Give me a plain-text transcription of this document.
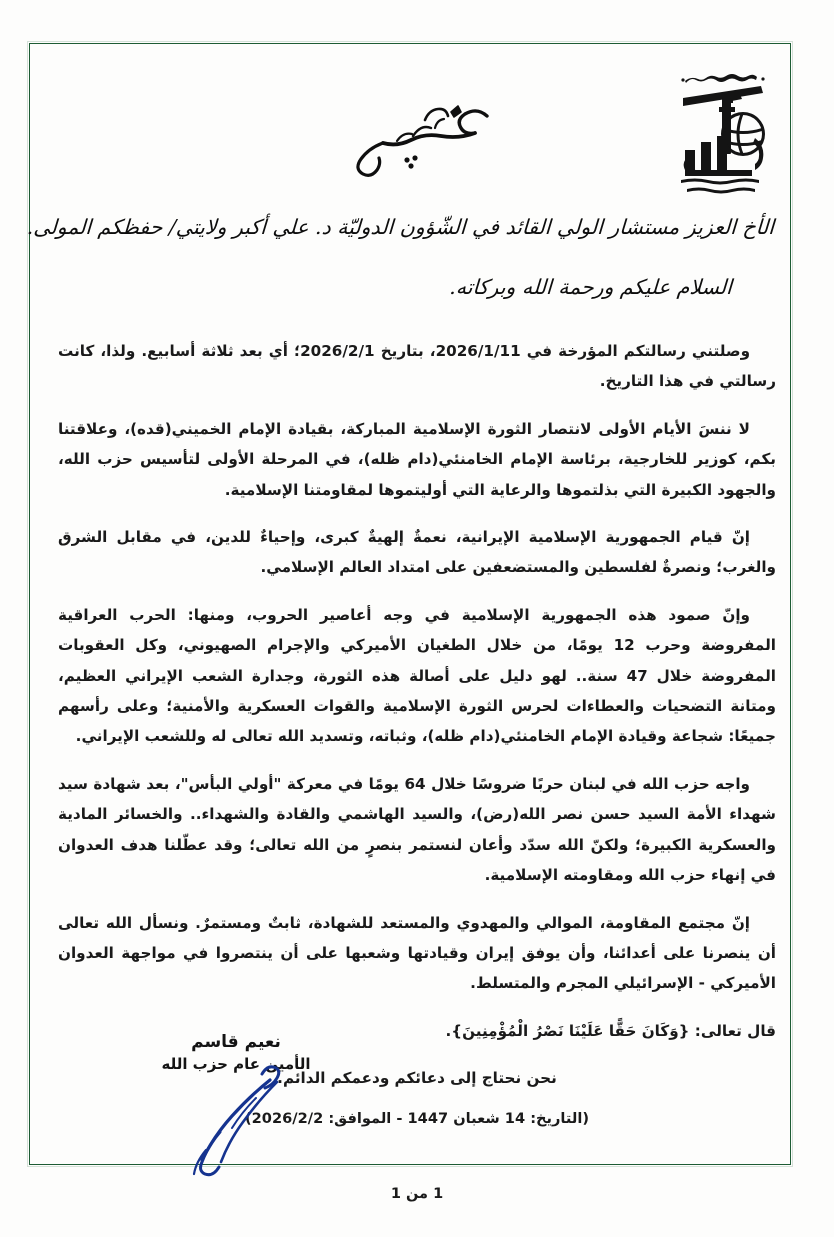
الأخ العزيز مستشار الولي القائد في الشّؤون الدوليّة د. علي أكبر ولايتي/ حفظكم المولى.
السلام عليكم ورحمة الله وبركاته.

وصلتني رسالتكم المؤرخة في 2026/1/11، بتاريخ 2026/2/1؛ أي بعد ثلاثة أسابيع. ولذا، كانت رسالتي في هذا التاريخ.

لا ننسَ الأيام الأولى لانتصار الثورة الإسلامية المباركة، بقيادة الإمام الخميني(قده)، وعلاقتنا بكم، كوزير للخارجية، برئاسة الإمام الخامنئي(دام ظله)، في المرحلة الأولى لتأسيس حزب الله، والجهود الكبيرة التي بذلتموها والرعاية التي أوليتموها لمقاومتنا الإسلامية.

إنّ قيام الجمهورية الإسلامية الإيرانية، نعمةٌ إلهيةٌ كبرى، وإحياءٌ للدين، في مقابل الشرق والغرب؛ ونصرةٌ لفلسطين والمستضعفين على امتداد العالم الإسلامي.

وإنّ صمود هذه الجمهورية الإسلامية في وجه أعاصير الحروب، ومنها: الحرب العراقية المفروضة وحرب 12 يومًا، من خلال الطغيان الأميركي والإجرام الصهيوني، وكل العقوبات المفروضة خلال 47 سنة.. لهو دليل على أصالة هذه الثورة، وجدارة الشعب الإيراني العظيم، ومتانة التضحيات والعطاءات لحرس الثورة الإسلامية والقوات العسكرية والأمنية؛ وعلى رأسهم جميعًا: شجاعة وقيادة الإمام الخامنئي(دام ظله)، وثباته، وتسديد الله تعالى له وللشعب الإيراني.

واجه حزب الله في لبنان حربًا ضروسًا خلال 64 يومًا في معركة "أولي البأس"، بعد شهادة سيد شهداء الأمة السيد حسن نصر الله(رض)، والسيد الهاشمي والقادة والشهداء.. والخسائر المادية والعسكرية الكبيرة؛ ولكنّ الله سدّد وأعان لنستمر بنصرٍ من الله تعالى؛ وقد عطّلنا هدف العدوان في إنهاء حزب الله ومقاومته الإسلامية.

إنّ مجتمع المقاومة، الموالي والمهدوي والمستعد للشهادة، ثابتٌ ومستمرٌ. ونسأل الله تعالى أن ينصرنا على أعدائنا، وأن يوفق إيران وقيادتها وشعبها على أن ينتصروا في مواجهة العدوان الأميركي - الإسرائيلي المجرم والمتسلط.

قال تعالى: {وَكَانَ حَقًّا عَلَيْنَا نَصْرُ الْمُؤْمِنِينَ}.

نحن نحتاج إلى دعائكم ودعمكم الدائم.

(التاريخ: 14 شعبان 1447 - الموافق: 2026/2/2)

نعيم قاسم
الأمين عام حزب الله
1 من 1
